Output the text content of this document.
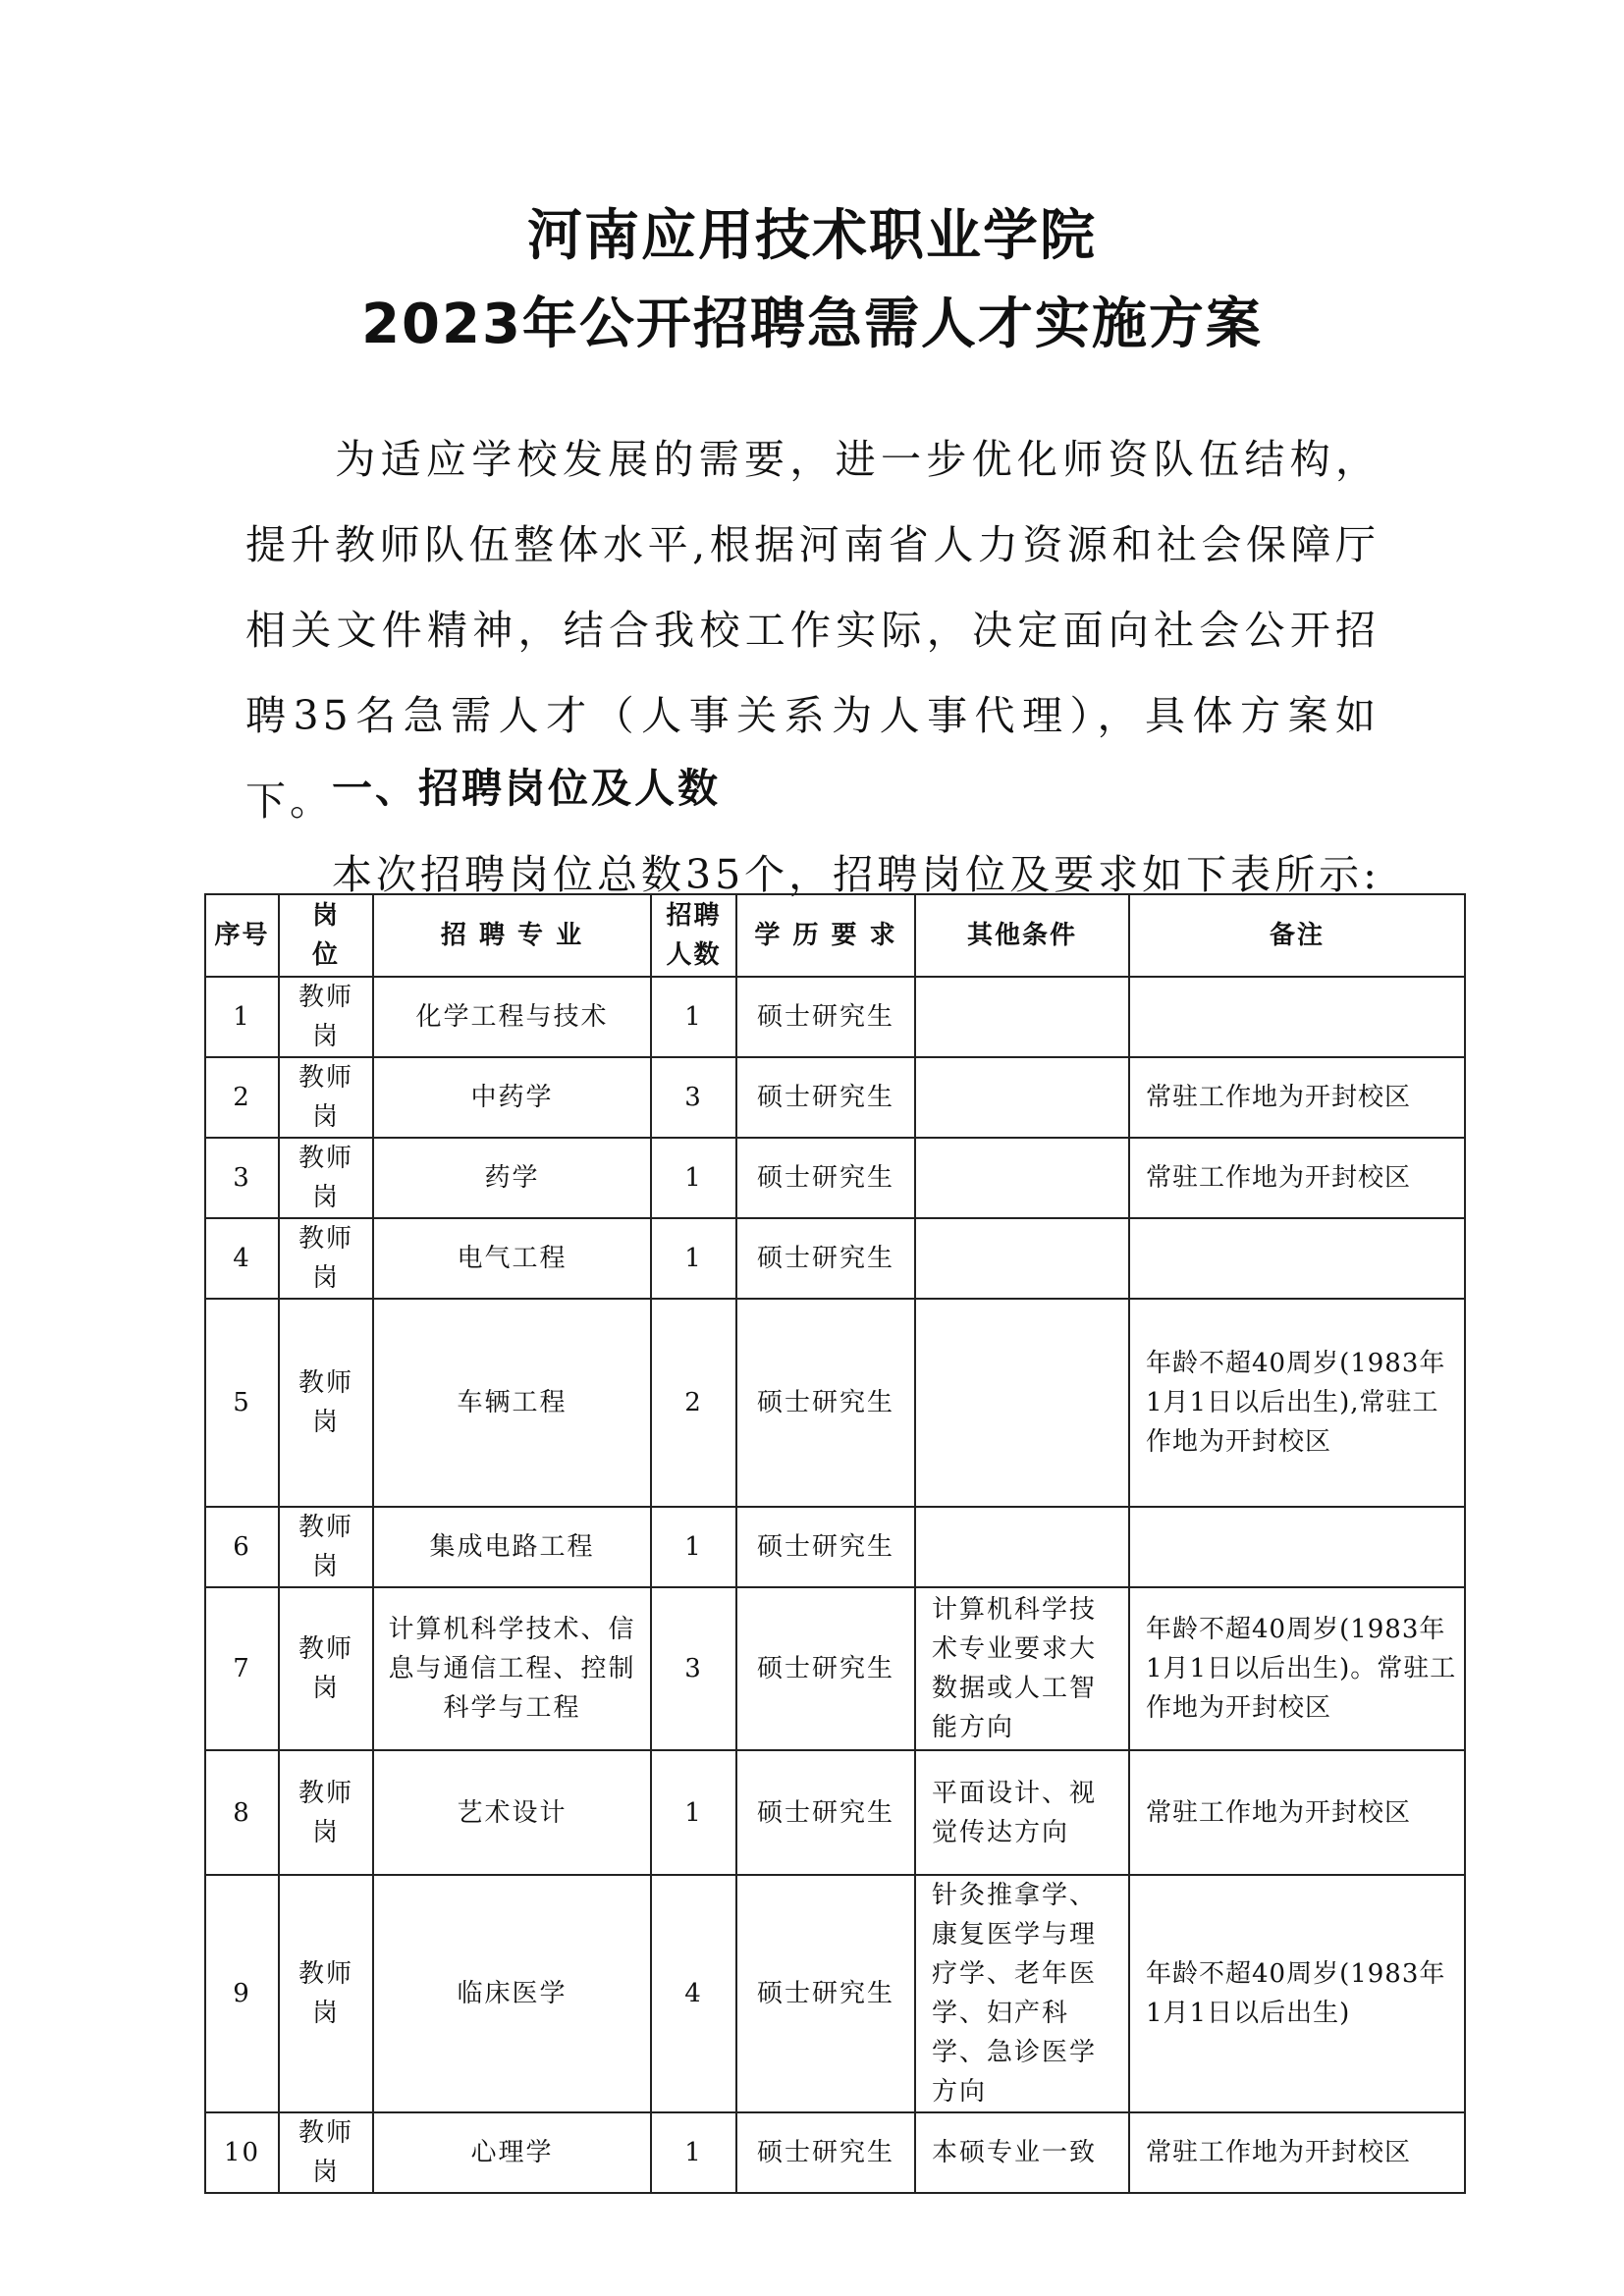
河南应用技术职业学院
2023年公开招聘急需人才实施方案

为适应学校发展的需要，进一步优化师资队伍结构，提升教师队伍整体水平,根据河南省人力资源和社会保障厅相关文件精神，结合我校工作实际，决定面向社会公开招聘35名急需人才（人事关系为人事代理），具体方案如下。

一、招聘岗位及人数
本次招聘岗位总数35个，招聘岗位及要求如下表所示:
序号	岗　位	招 聘 专 业	招聘人数	学 历 要 求	其他条件	备注
1	教师岗	化学工程与技术	1	硕士研究生		
2	教师岗	中药学	3	硕士研究生		常驻工作地为开封校区
3	教师岗	药学	1	硕士研究生		常驻工作地为开封校区
4	教师岗	电气工程	1	硕士研究生		
5	教师岗	车辆工程	2	硕士研究生		年龄不超40周岁(1983年1月1日以后出生),常驻工作地为开封校区
6	教师岗	集成电路工程	1	硕士研究生		
7	教师岗	计算机科学技术、信息与通信工程、控制科学与工程	3	硕士研究生	计算机科学技术专业要求大数据或人工智能方向	年龄不超40周岁(1983年1月1日以后出生)。常驻工作地为开封校区
8	教师岗	艺术设计	1	硕士研究生	平面设计、视觉传达方向	常驻工作地为开封校区
9	教师岗	临床医学	4	硕士研究生	针灸推拿学、康复医学与理疗学、老年医学、妇产科学、急诊医学方向	年龄不超40周岁(1983年1月1日以后出生)
10	教师岗	心理学	1	硕士研究生	本硕专业一致	常驻工作地为开封校区
